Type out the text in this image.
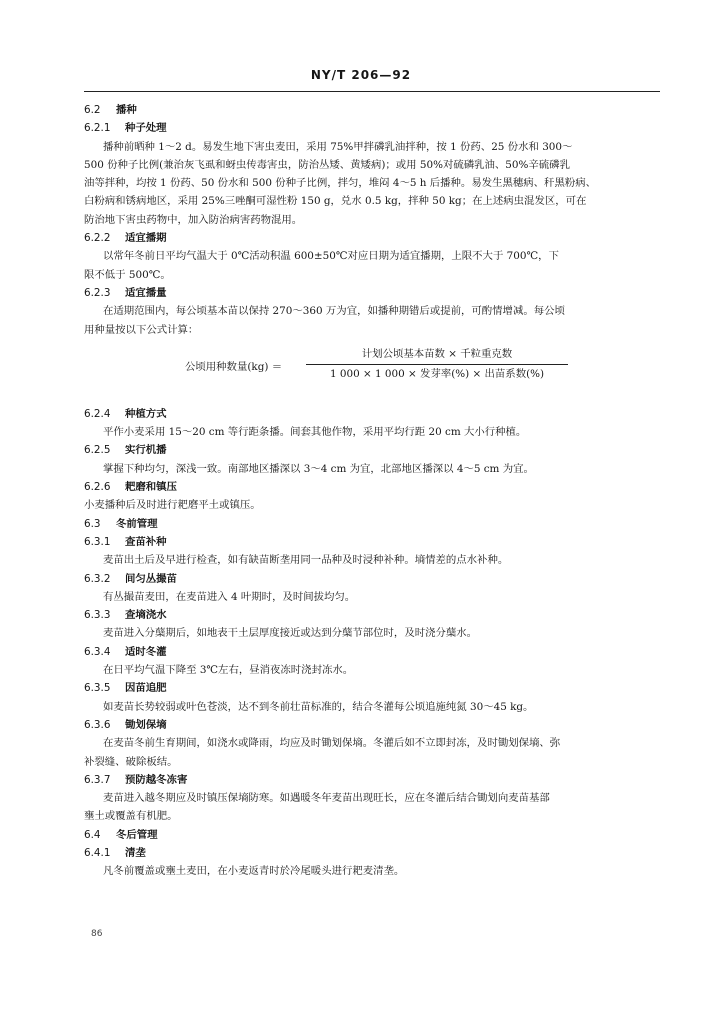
NY/T 206—92
6.2 播种
6.2.1 种子处理
播种前晒种 1～2 d。易发生地下害虫麦田，采用 75%甲拌磷乳油拌种，按 1 份药、25 份水和 300～
500 份种子比例(兼治灰飞虱和蚜虫传毒害虫，防治丛矮、黄矮病)；或用 50%对硫磷乳油、50%辛硫磷乳
油等拌种，均按 1 份药、50 份水和 500 份种子比例，拌匀，堆闷 4～5 h 后播种。易发生黑穗病、秆黑粉病、
白粉病和锈病地区，采用 25%三唑酮可湿性粉 150 g，兑水 0.5 kg，拌种 50 kg；在上述病虫混发区，可在
防治地下害虫药物中，加入防治病害药物混用。
6.2.2 适宜播期
以常年冬前日平均气温大于 0℃活动积温 600±50℃对应日期为适宜播期，上限不大于 700℃，下
限不低于 500℃。
6.2.3 适宜播量
在适期范围内，每公顷基本苗以保持 270～360 万为宜，如播种期错后或提前，可酌情增减。每公顷
用种量按以下公式计算：
公顷用种数量(kg) ＝
计划公顷基本苗数 × 千粒重克数
1 000 × 1 000 × 发芽率(%) × 出苗系数(%)
6.2.4 种植方式
平作小麦采用 15～20 cm 等行距条播。间套其他作物，采用平均行距 20 cm 大小行种植。
6.2.5 实行机播
掌握下种均匀，深浅一致。南部地区播深以 3～4 cm 为宜，北部地区播深以 4～5 cm 为宜。
6.2.6 耙磨和镇压
小麦播种后及时进行耙磨平土或镇压。
6.3 冬前管理
6.3.1 查苗补种
麦苗出土后及早进行检查，如有缺苗断垄用同一品种及时浸种补种。墒情差的点水补种。
6.3.2 间匀丛撮苗
有丛撮苗麦田，在麦苗进入 4 叶期时，及时间拔均匀。
6.3.3 查墒浇水
麦苗进入分蘖期后，如地表干土层厚度接近或达到分蘖节部位时，及时浇分蘖水。
6.3.4 适时冬灌
在日平均气温下降至 3℃左右，昼消夜冻时浇封冻水。
6.3.5 因苗追肥
如麦苗长势较弱或叶色苍淡，达不到冬前壮苗标准的，结合冬灌每公顷追施纯氮 30～45 kg。
6.3.6 锄划保墒
在麦苗冬前生育期间，如浇水或降雨，均应及时锄划保墒。冬灌后如不立即封冻，及时锄划保墒、弥
补裂缝、破除板结。
6.3.7 预防越冬冻害
麦苗进入越冬期应及时镇压保墒防寒。如遇暖冬年麦苗出现旺长，应在冬灌后结合锄划向麦苗基部
壅土或覆盖有机肥。
6.4 冬后管理
6.4.1 清垄
凡冬前覆盖或壅土麦田，在小麦返青时於冷尾暖头进行耙麦清垄。
86
